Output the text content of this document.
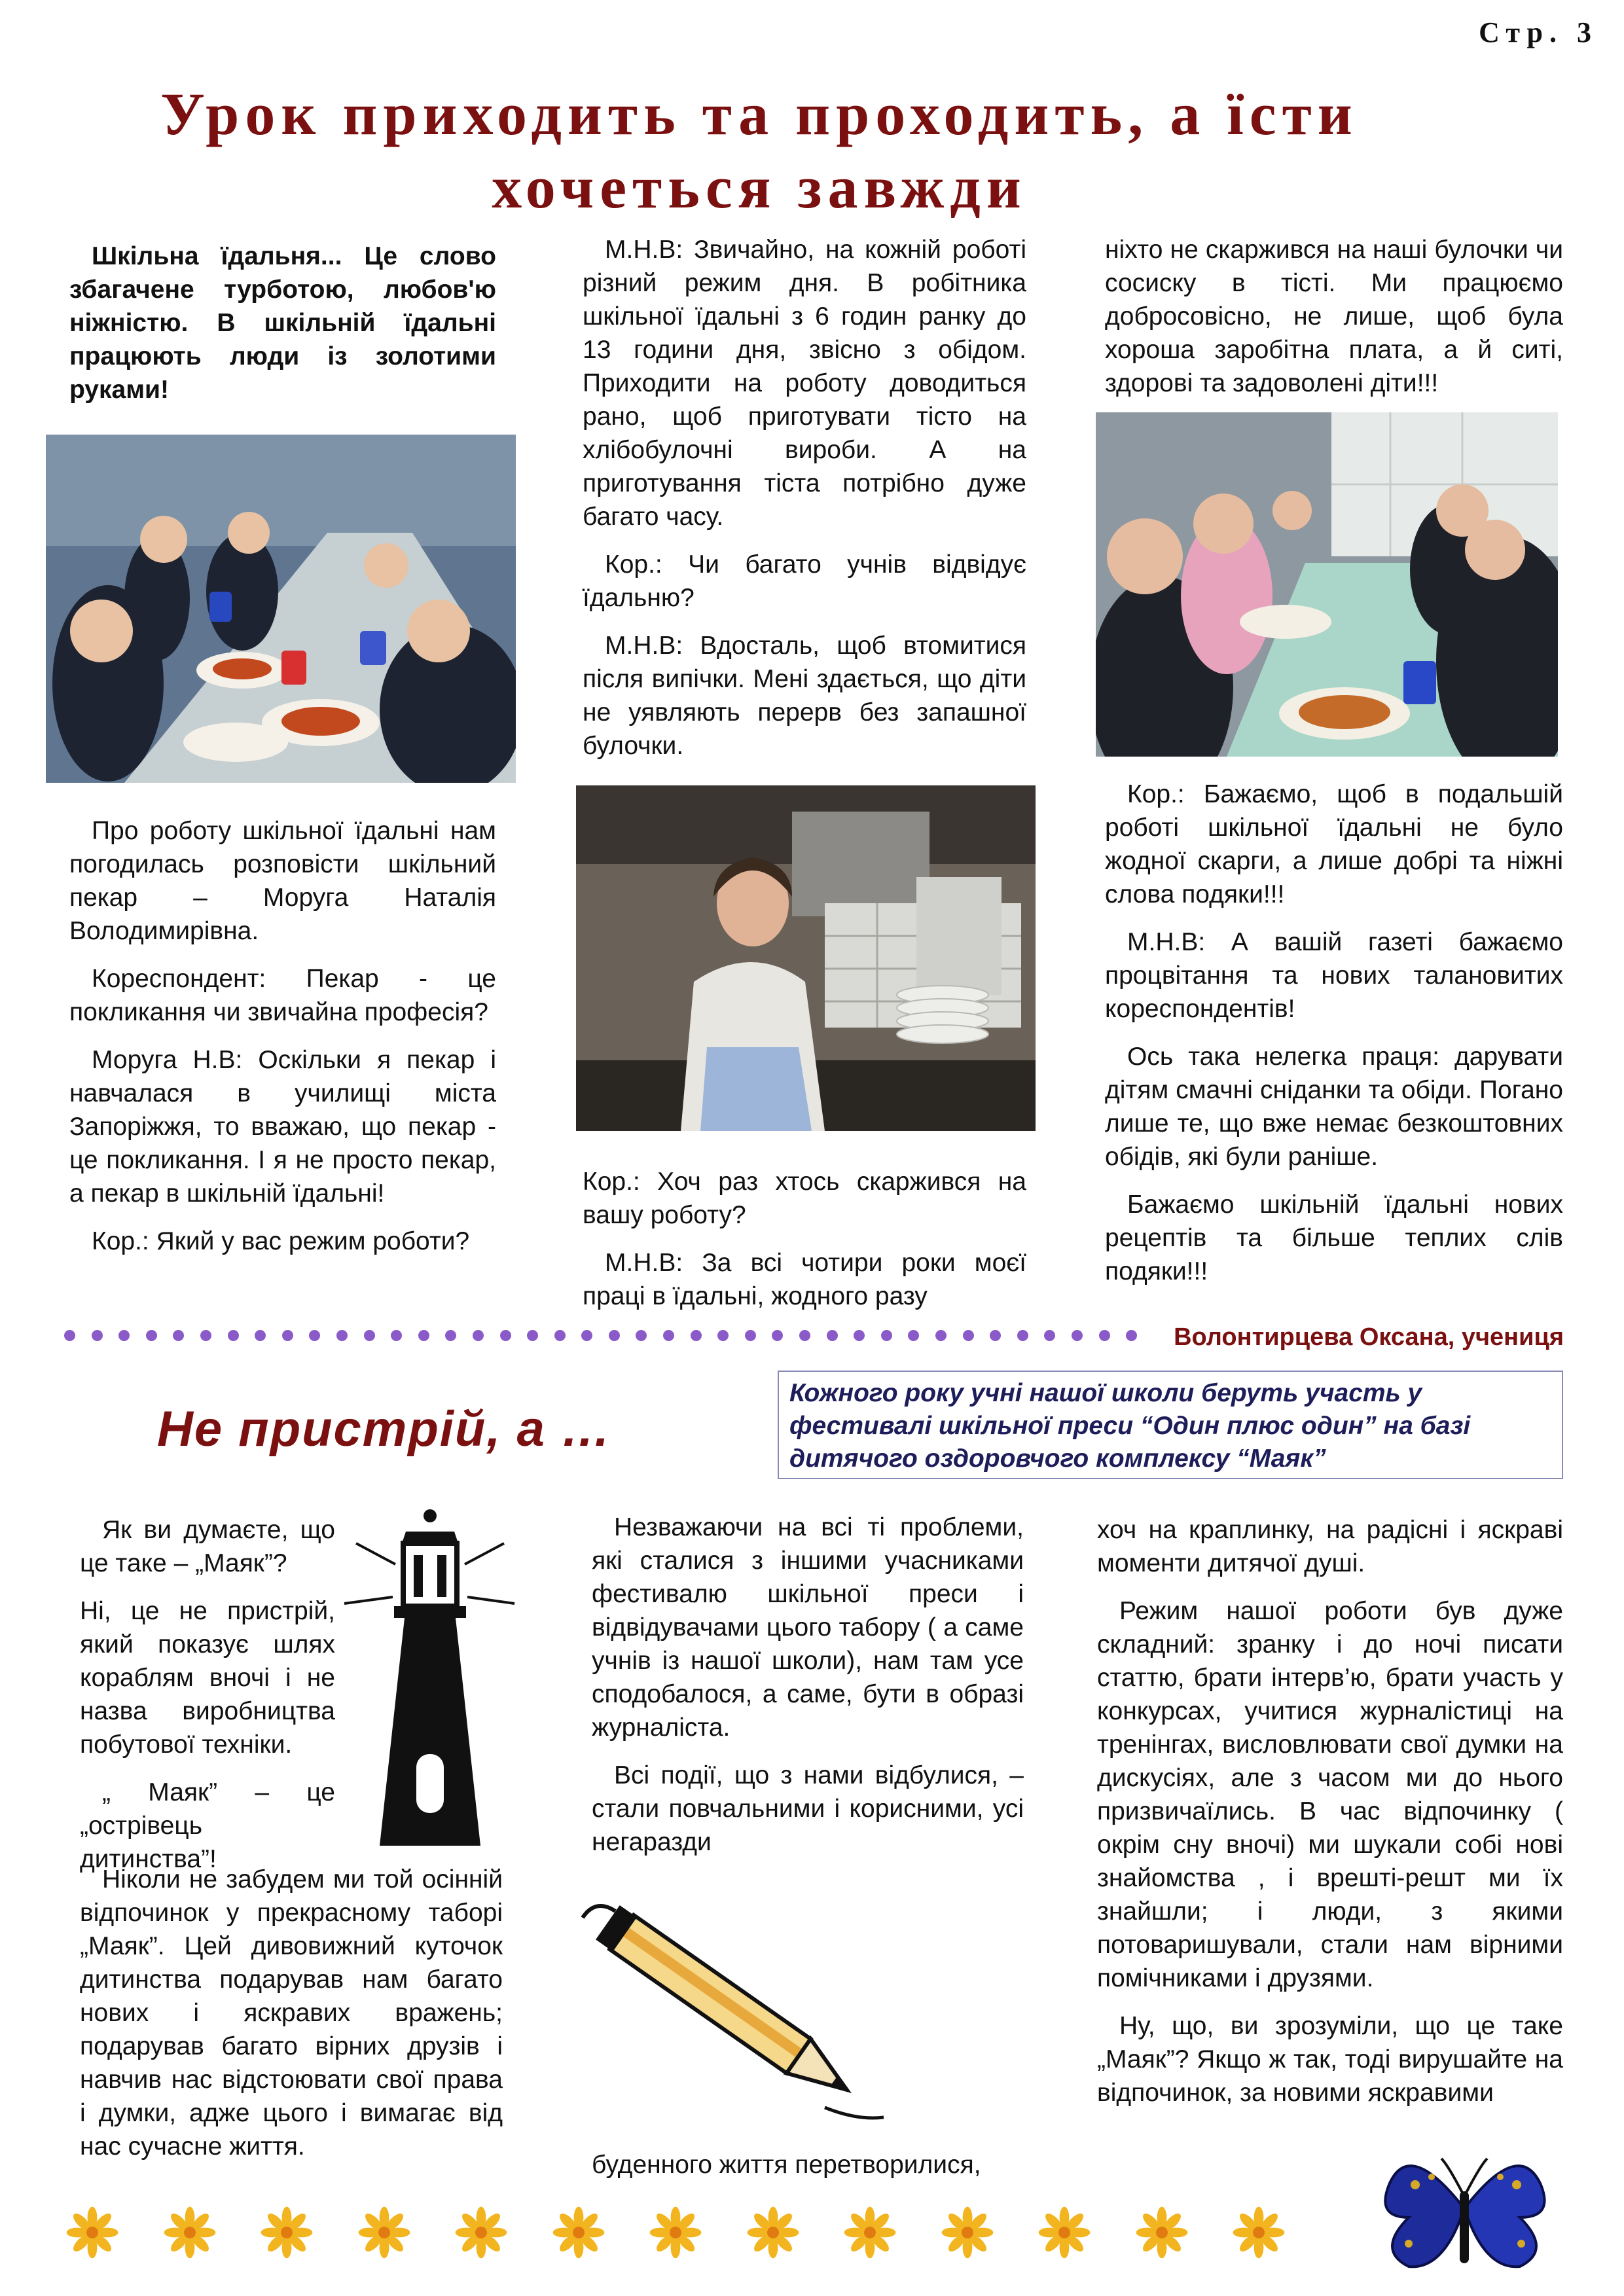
Стр. 3
Урок приходить та проходить, а їсти
хочеться завжди

Шкільна їдальня... Це слово збагачене турботою, любов'ю ніжністю. В шкільній їдальні працюють люди із золотими руками!

Про роботу шкільної їдальні нам погодилась розповісти шкільний пекар – Моруга Наталія Володимирівна.

Кореспондент: Пекар - це покликання чи звичайна професія?

Моруга Н.В: Оскільки я пекар і навчалася в училищі міста Запоріжжя, то вважаю, що пекар - це покликання. І я не просто пекар, а пекар в шкільній їдальні!

Кор.: Який у вас режим роботи?

М.Н.В: Звичайно, на кожній роботі різний режим дня. В робітника шкільної їдальні з 6 годин ранку до 13 години дня, звісно з обідом. Приходити на роботу доводиться рано, щоб приготувати тісто на хлібобулочні вироби. А на приготування тіста потрібно дуже багато часу.

Кор.: Чи багато учнів відвідує їдальню?

М.Н.В: Вдосталь, щоб втомитися після випічки. Мені здається, що діти не уявляють перерв без запашної булочки.

Кор.: Хоч раз хтось скаржився на вашу роботу?

М.Н.В: За всі чотири роки моєї праці в їдальні, жодного разу

ніхто не скаржився на наші булочки чи сосиску в тісті. Ми працюємо добросовісно, не лише, щоб була хороша заробітна плата, а й ситі, здорові та задоволені діти!!!

Кор.: Бажаємо, щоб в подальшій роботі шкільної їдальні не було жодної скарги, а лише добрі та ніжні слова подяки!!!

М.Н.В: А вашій газеті бажаємо процвітання та нових талановитих кореспондентів!

Ось така нелегка праця: дарувати дітям смачні сніданки та обіди. Погано лише те, що вже немає безкоштовних обідів, які були раніше.

Бажаємо шкільній їдальні нових рецептів та більше теплих слів подяки!!!

Волонтирцева Оксана, учениця
Не пристрій, а …
Кожного року учні нашої школи беруть участь у фестивалі шкільної преси “Один плюс один” на базі дитячого оздоровчого комплексу “Маяк”

Як ви думаєте, що це таке – „Маяк”?

Ні, це не пристрій, який показує шлях кораблям вночі і не назва виробництва побутової техніки.

„ Маяк” – це „острівець дитинства”!

Ніколи не забудем ми той осінній відпочинок у прекрасному таборі „Маяк”. Цей дивовижний куточок дитинства подарував нам багато нових і яскравих вражень; подарував багато вірних друзів і навчив нас відстоювати свої права і думки, адже цього і вимагає від нас сучасне життя.

Незважаючи на всі ті проблеми, які сталися з іншими учасниками фестивалю шкільної преси і відвідувачами цього табору ( а саме учнів із нашої школи), нам там усе сподобалося, а саме, бути в образі журналіста.

Всі події, що з нами відбулися, – стали повчальними і корисними, усі негаразди

буденного життя перетворилися,

хоч на краплинку, на радісні і яскраві моменти дитячої душі.

Режим нашої роботи був дуже складний: зранку і до ночі писати статтю, брати інтерв’ю, брати участь у конкурсах, учитися журналістиці на тренінгах, висловлювати свої думки на дискусіях, але з часом ми до нього призвичаїлись. В час відпочинку ( окрім сну вночі) ми шукали собі нові знайомства , і врешті-решт ми їх знайшли; і люди, з якими потоваришували, стали нам вірними помічниками і друзями.

Ну, що, ви зрозуміли, що це таке „Маяк”? Якщо ж так, тоді вирушайте на відпочинок, за новими яскравими
